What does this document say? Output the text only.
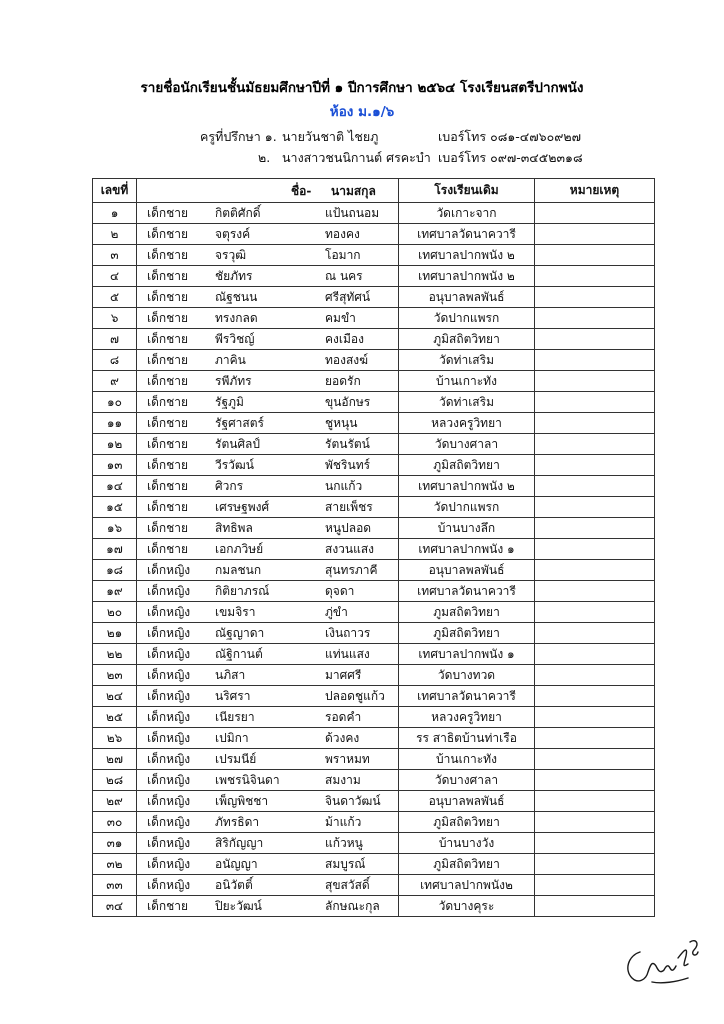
รายชื่อนักเรียนชั้นมัธยมศึกษาปีที่ ๑ ปีการศึกษา ๒๕๖๔ โรงเรียนสตรีปากพนัง
ห้อง ม.๑/๖
ครูที่ปรึกษา ๑. นายวันชาติ ไชยภู	เบอร์โทร ๐๘๑-๔๗๖๐๙๒๗
๒. นางสาวชนนิกานต์ ศรคะบำ เบอร์โทร ๐๙๗-๓๔๕๒๓๑๘
เลขที่	ชื่อ- นามสกุล	โรงเรียนเดิม	หมายเหตุ
๑	เด็กชาย กิตติศักดิ์ แป้นถนอม	วัดเกาะจาก	
๒	เด็กชาย จตุรงค์ ทองคง	เทศบาลวัดนาควารี	
๓	เด็กชาย จรวุฒิ โอมาก	เทศบาลปากพนัง ๒	
๔	เด็กชาย ชัยภัทร ณ นคร	เทศบาลปากพนัง ๒	
๕	เด็กชาย ณัฐชนน ศรีสุทัศน์	อนุบาลพลพันธ์	
๖	เด็กชาย ทรงกลด คมขำ	วัดปากแพรก	
๗	เด็กชาย พีรวิชญ์ คงเมือง	ภูมิสถิตวิทยา	
๘	เด็กชาย ภาคิน ทองสงฆ์	วัดท่าเสริม	
๙	เด็กชาย รพีภัทร ยอดรัก	บ้านเกาะทัง	
๑๐	เด็กชาย รัฐภูมิ ขุนอักษร	วัดท่าเสริม	
๑๑	เด็กชาย รัฐศาสตร์ ชูหนุน	หลวงครูวิทยา	
๑๒	เด็กชาย รัตนศิลป์ รัตนรัตน์	วัดบางศาลา	
๑๓	เด็กชาย วีรวัฒน์ พัชรินทร์	ภูมิสถิตวิทยา	
๑๔	เด็กชาย ศิวกร นกแก้ว	เทศบาลปากพนัง ๒	
๑๕	เด็กชาย เศรษฐพงศ์ สายเพ็ชร	วัดปากแพรก	
๑๖	เด็กชาย สิทธิพล หนูปลอด	บ้านบางลึก	
๑๗	เด็กชาย เอกภวิษย์ สงวนแสง	เทศบาลปากพนัง ๑	
๑๘	เด็กหญิง กมลชนก สุนทรภาคี	อนุบาลพลพันธ์	
๑๙	เด็กหญิง กิติยาภรณ์ ดุจดา	เทศบาลวัดนาควารี	
๒๐	เด็กหญิง เขมจิรา ภู่ขำ	ภูมสถิตวิทยา	
๒๑	เด็กหญิง ณัฐญาดา เงินถาวร	ภูมิสถิตวิทยา	
๒๒	เด็กหญิง ณัฐิกานต์ แท่นแสง	เทศบาลปากพนัง ๑	
๒๓	เด็กหญิง นภิสา มาศศรี	วัดบางทวด	
๒๔	เด็กหญิง นริศรา ปลอดชูแก้ว	เทศบาลวัดนาควารี	
๒๕	เด็กหญิง เนียรยา รอดคำ	หลวงครูวิทยา	
๒๖	เด็กหญิง เปมิกา ด้วงคง	รร สาธิตบ้านท่าเรือ	
๒๗	เด็กหญิง เปรมนีย์ พราหมท	บ้านเกาะทัง	
๒๘	เด็กหญิง เพชรนิจินดา สมงาม	วัดบางศาลา	
๒๙	เด็กหญิง เพ็ญพิชชา จินดาวัฒน์	อนุบาลพลพันธ์	
๓๐	เด็กหญิง ภัทรธิดา ม้าแก้ว	ภูมิสถิตวิทยา	
๓๑	เด็กหญิง สิริกัญญา แก้วหนู	บ้านบางวัง	
๓๒	เด็กหญิง อนัญญา สมบูรณ์	ภูมิสถิตวิทยา	
๓๓	เด็กหญิง อนิวัตติ์ สุขสวัสดิ์	เทศบาลปากพนัง๒	
๓๔	เด็กชาย ปิยะวัฒน์ ลักษณะกุล	วัดบางคุระ	
